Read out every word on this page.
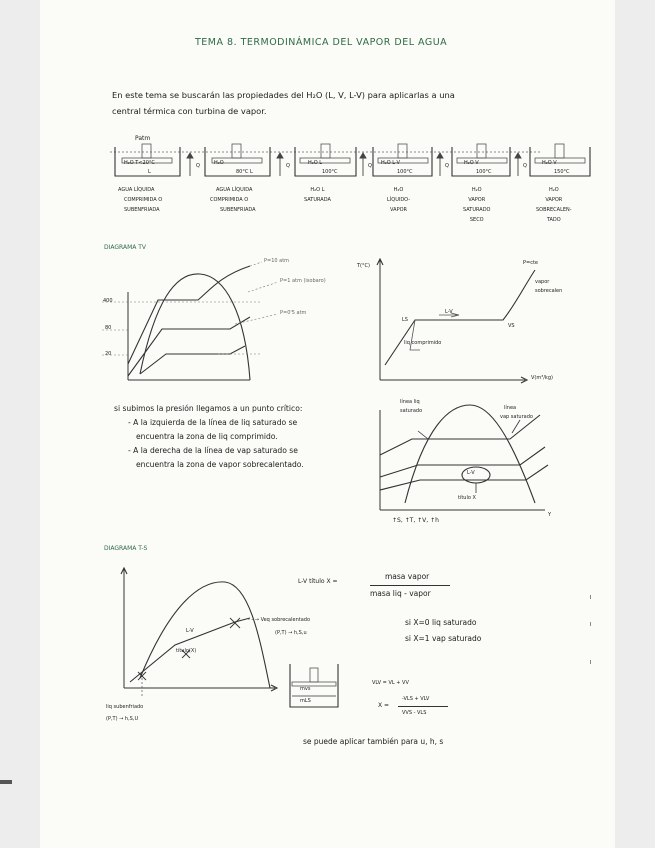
TEMA 8. TERMODINÁMICA DEL VAPOR DEL AGUA
En este tema se buscarán las propiedades del H₂O (L, V, L-V) para aplicarlas a una
central térmica con turbina de vapor.
Patm
Q	Q	Q	Q	Q
H₂O T<20°C
L
H₂O
80°C L
H₂O L
100°C
H₂O L-V
100°C
H₂O V
100°C
H₂O V
150°C
AGUA LÍQUIDA
COMPRIMIDA O
SUBENFRIADA
AGUA LÍQUIDA
COMPRIMIDA O
SUBENFRIADA
H₂O L
SATURADA
H₂O
LÍQUIDO-
VAPOR
H₂O
VAPOR
SATURADO
SECO
H₂O
VAPOR
SOBRECALEN-
TADO
DIAGRAMA TV
400
80
20
P=10 atm
P=1 atm (isobaro)
P=0'5 atm
T(°C)	P=cte
vapor
sobrecalen
LS
L-V
VS
liq comprimido
V(m³/kg)
si subimos la presión llegamos a un punto crítico:
- A la izquierda de la línea de liq saturado se
encuentra la zona de liq comprimido.
- A la derecha de la línea de vap saturado se
encuentra la zona de vapor sobrecalentado.
línea liq
saturado	línea
vap saturado
L-V
título X
Y
↑S, ↑T, ↑V, ↑h
DIAGRAMA T-S
- - → Veq sobrecalentado
(P,T) → h,S,u
L-V
título(X)
liq subenfriado
(P,T) → h,S,U
L-V título X =
masa vapor
masa liq - vapor
si X=0 liq saturado
si X=1 vap saturado
mvs
mLS
VLV = VL + VV
X =
-VLS + VLV
VVS - VLS
se puede aplicar también para u, h, s
